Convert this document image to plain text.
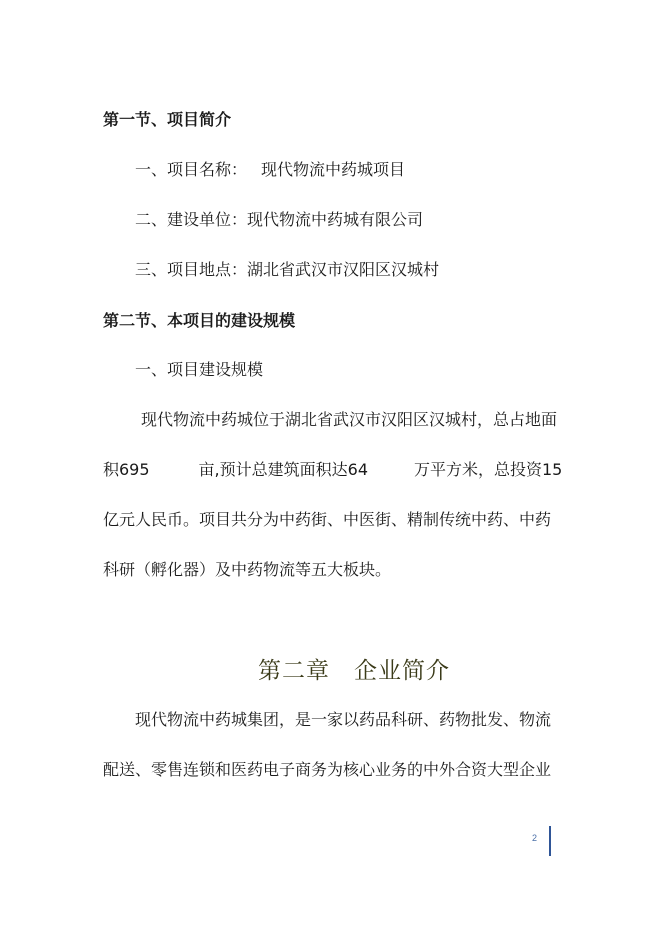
第一节、项目简介
一、项目名称： 现代物流中药城项目
二、建设单位：现代物流中药城有限公司
三、项目地点：湖北省武汉市汉阳区汉城村
第二节、本项目的建设规模
一、项目建设规模
现代物流中药城位于湖北省武汉市汉阳区汉城村，总占地面
积695	亩,预计总建筑面积达64	万平方米，总投资15
亿元人民币。项目共分为中药街、中医街、精制传统中药、中药
科研（孵化器）及中药物流等五大板块。
第二章 企业简介
现代物流中药城集团，是一家以药品科研、药物批发、物流
配送、零售连锁和医药电子商务为核心业务的中外合资大型企业
2
